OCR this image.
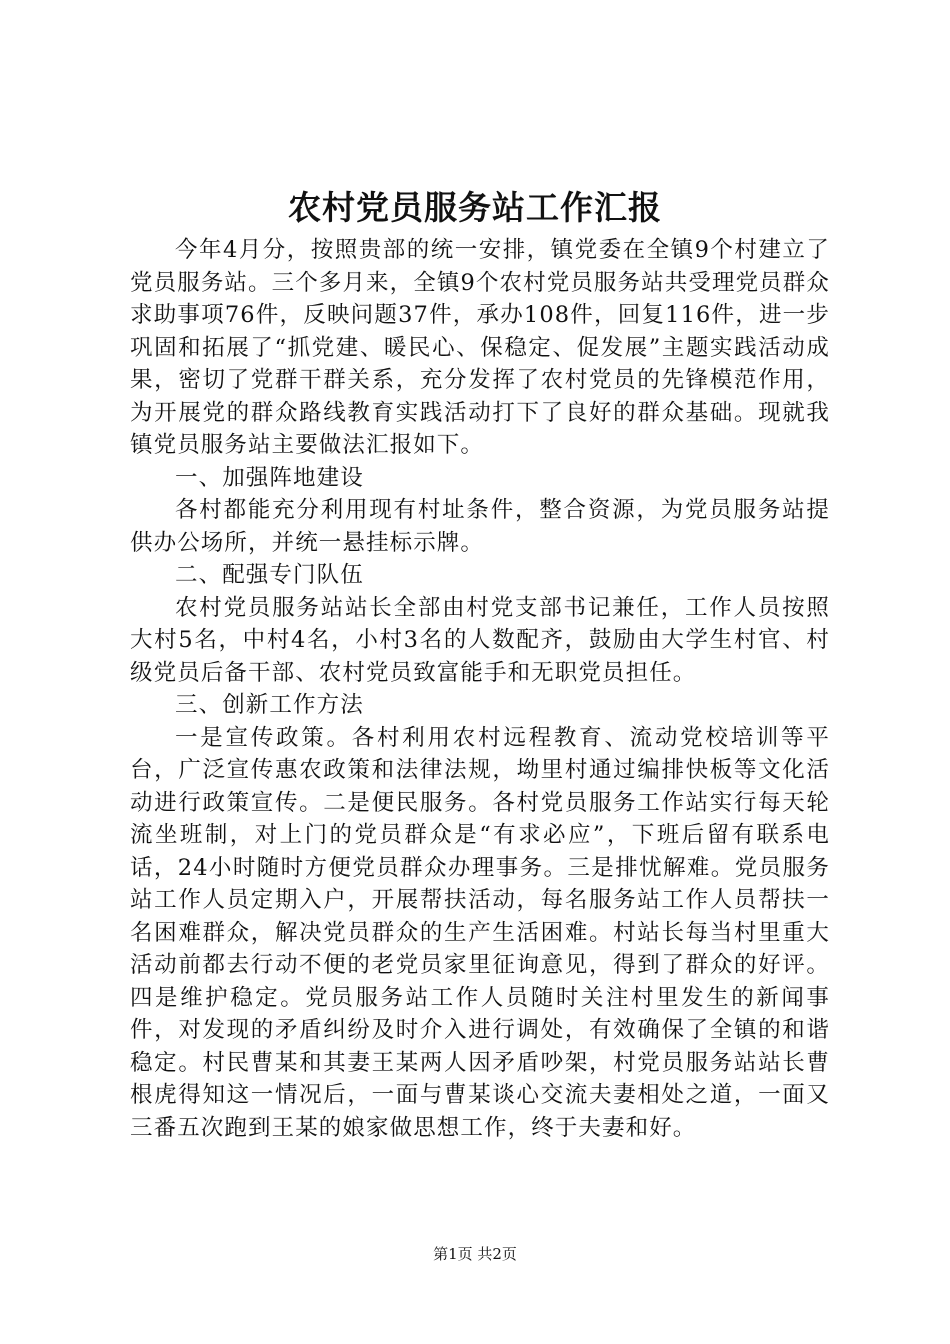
农村党员服务站工作汇报

今年4月分，按照贵部的统一安排，镇党委在全镇9个村建立了党员服务站。三个多月来，全镇9个农村党员服务站共受理党员群众求助事项76件，反映问题37件，承办108件，回复116件，进一步巩固和拓展了“抓党建、暖民心、保稳定、促发展”主题实践活动成果，密切了党群干群关系，充分发挥了农村党员的先锋模范作用，为开展党的群众路线教育实践活动打下了良好的群众基础。现就我镇党员服务站主要做法汇报如下。

一、加强阵地建设

各村都能充分利用现有村址条件，整合资源，为党员服务站提供办公场所，并统一悬挂标示牌。

二、配强专门队伍

农村党员服务站站长全部由村党支部书记兼任，工作人员按照大村5名，中村4名，小村3名的人数配齐，鼓励由大学生村官、村级党员后备干部、农村党员致富能手和无职党员担任。

三、创新工作方法

一是宣传政策。各村利用农村远程教育、流动党校培训等平台，广泛宣传惠农政策和法律法规，坳里村通过编排快板等文化活动进行政策宣传。二是便民服务。各村党员服务工作站实行每天轮流坐班制，对上门的党员群众是“有求必应”，下班后留有联系电话，24小时随时方便党员群众办理事务。三是排忧解难。党员服务站工作人员定期入户，开展帮扶活动，每名服务站工作人员帮扶一名困难群众，解决党员群众的生产生活困难。村站长每当村里重大活动前都去行动不便的老党员家里征询意见，得到了群众的好评。四是维护稳定。党员服务站工作人员随时关注村里发生的新闻事件，对发现的矛盾纠纷及时介入进行调处，有效确保了全镇的和谐稳定。村民曹某和其妻王某两人因矛盾吵架，村党员服务站站长曹根虎得知这一情况后，一面与曹某谈心交流夫妻相处之道，一面又三番五次跑到王某的娘家做思想工作，终于夫妻和好。

第1页 共2页
